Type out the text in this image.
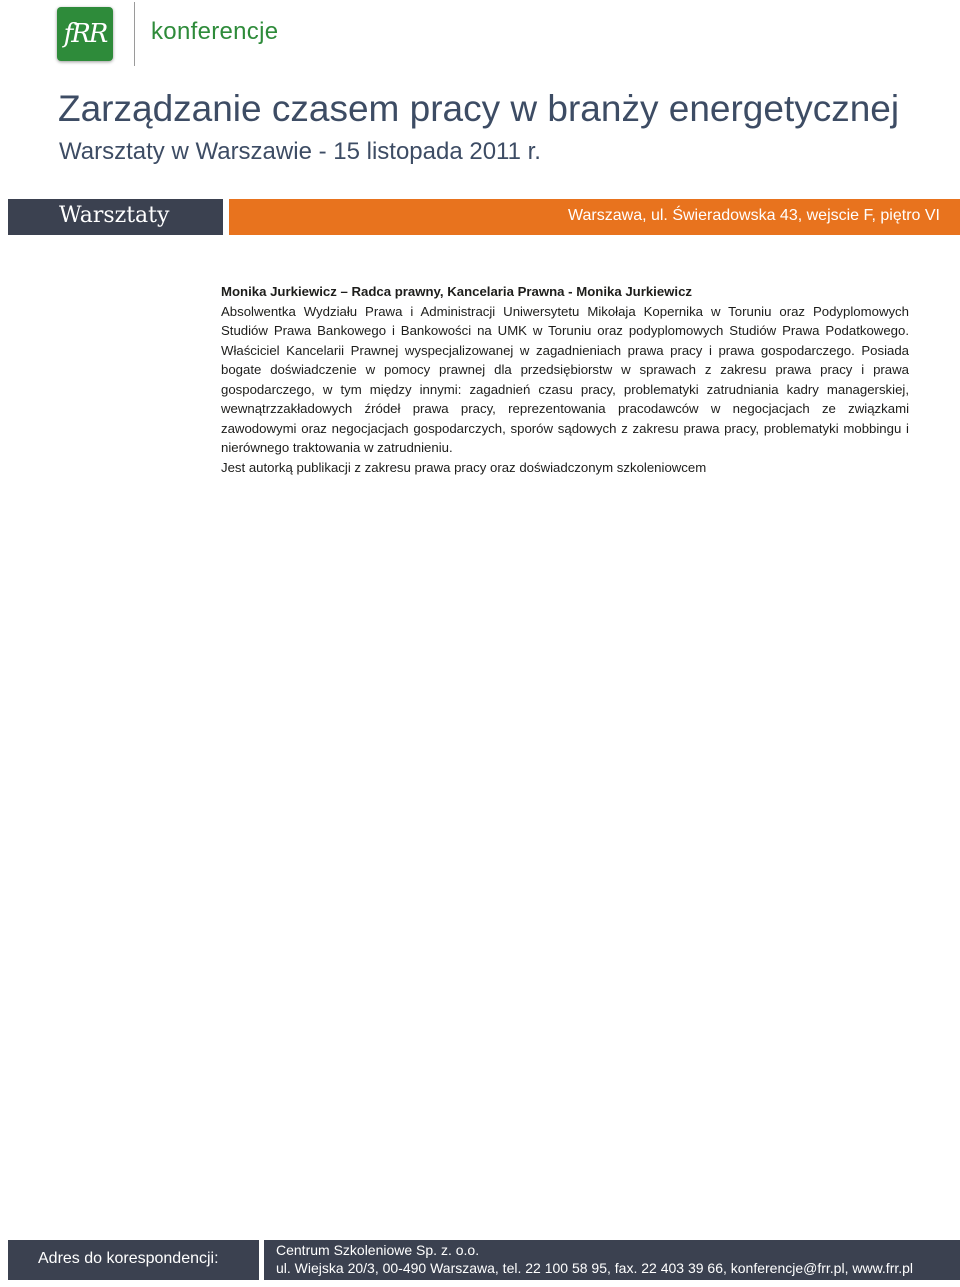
fRR konferencje
Zarządzanie czasem pracy w branży energetycznej
Warsztaty w Warszawie - 15 listopada 2011 r.
Warsztaty	Warszawa, ul. Świeradowska 43, wejscie F, piętro VI

Monika Jurkiewicz – Radca prawny, Kancelaria Prawna - Monika Jurkiewicz

Absolwentka Wydziału Prawa i Administracji Uniwersytetu Mikołaja Kopernika w Toruniu oraz Podyplomowych Studiów Prawa Bankowego i Bankowości na UMK w Toruniu oraz podyplomowych Studiów Prawa Podatkowego. Właściciel Kancelarii Prawnej wyspecjalizowanej w zagadnieniach prawa pracy i prawa gospodarczego. Posiada bogate doświadczenie w pomocy prawnej dla przedsiębiorstw w sprawach z zakresu prawa pracy i prawa gospodarczego, w tym między innymi: zagadnień czasu pracy, problematyki zatrudniania kadry managerskiej, wewnątrzzakładowych źródeł prawa pracy, reprezentowania pracodawców w negocjacjach ze związkami zawodowymi oraz negocjacjach gospodarczych, sporów sądowych z zakresu prawa pracy, problematyki mobbingu i nierównego traktowania w zatrudnieniu.

Jest autorką publikacji z zakresu prawa pracy oraz doświadczonym szkoleniowcem

Adres do korespondencji:	Centrum Szkoleniowe Sp. z. o.o.
ul. Wiejska 20/3, 00-490 Warszawa, tel. 22 100 58 95, fax. 22 403 39 66, konferencje@frr.pl, www.frr.pl
